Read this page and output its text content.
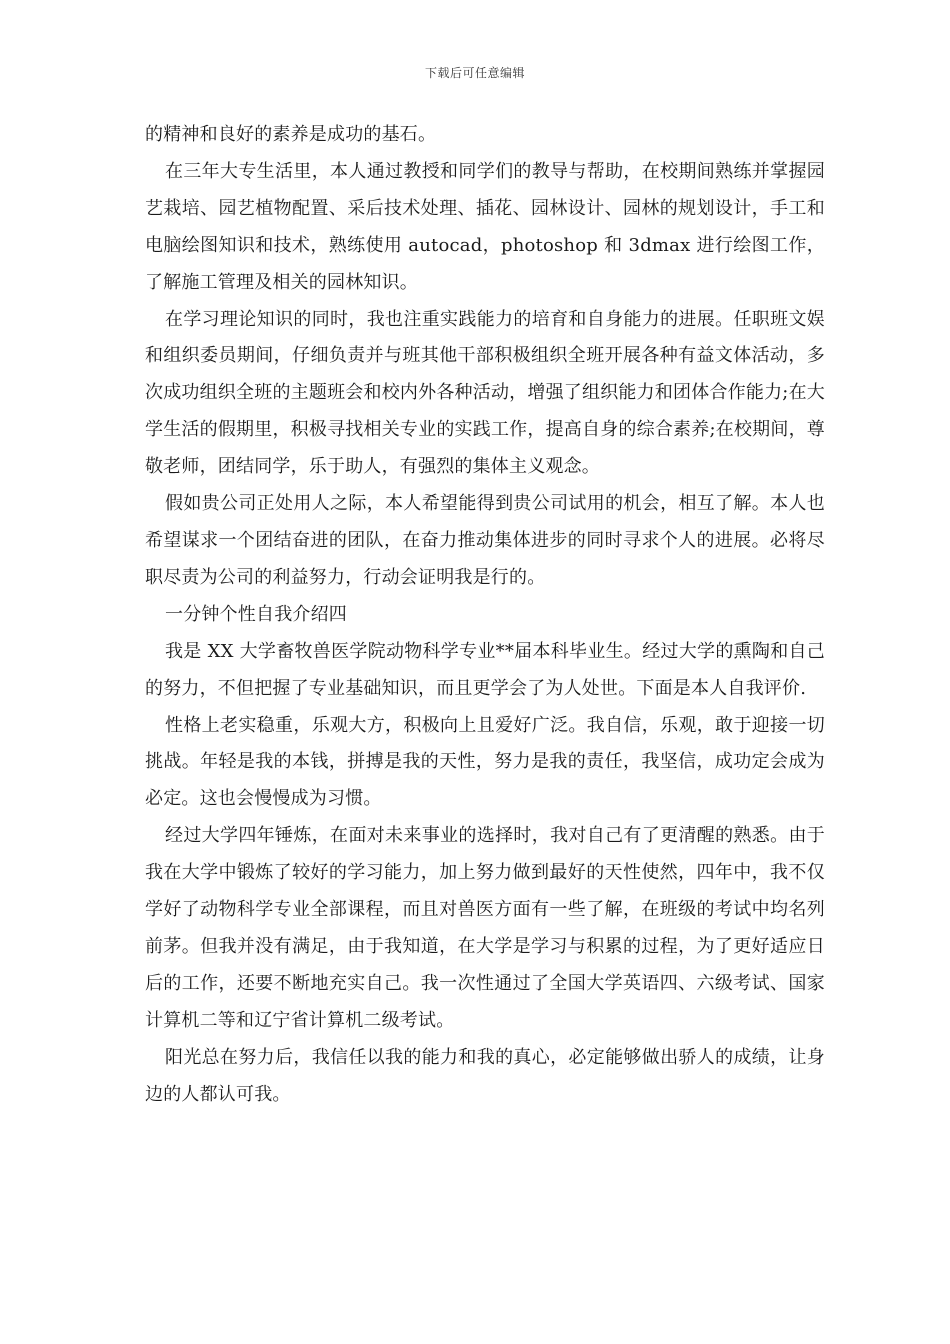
下载后可任意编辑

的精神和良好的素养是成功的基石。

在三年大专生活里，本人通过教授和同学们的教导与帮助，在校期间熟练并掌握园艺栽培、园艺植物配置、采后技术处理、插花、园林设计、园林的规划设计，手工和电脑绘图知识和技术，熟练使用 autocad，photoshop 和 3dmax 进行绘图工作，了解施工管理及相关的园林知识。

在学习理论知识的同时，我也注重实践能力的培育和自身能力的进展。任职班文娱和组织委员期间，仔细负责并与班其他干部积极组织全班开展各种有益文体活动，多次成功组织全班的主题班会和校内外各种活动，增强了组织能力和团体合作能力;在大学生活的假期里，积极寻找相关专业的实践工作，提高自身的综合素养;在校期间，尊敬老师，团结同学，乐于助人，有强烈的集体主义观念。

假如贵公司正处用人之际，本人希望能得到贵公司试用的机会，相互了解。本人也希望谋求一个团结奋进的团队，在奋力推动集体进步的同时寻求个人的进展。必将尽职尽责为公司的利益努力，行动会证明我是行的。

一分钟个性自我介绍四

我是 XX 大学畜牧兽医学院动物科学专业**届本科毕业生。经过大学的熏陶和自己的努力，不但把握了专业基础知识，而且更学会了为人处世。下面是本人自我评价.

性格上老实稳重，乐观大方，积极向上且爱好广泛。我自信，乐观，敢于迎接一切挑战。年轻是我的本钱，拼搏是我的天性，努力是我的责任，我坚信，成功定会成为必定。这也会慢慢成为习惯。

经过大学四年锤炼，在面对未来事业的选择时，我对自己有了更清醒的熟悉。由于我在大学中锻炼了较好的学习能力，加上努力做到最好的天性使然，四年中，我不仅学好了动物科学专业全部课程，而且对兽医方面有一些了解，在班级的考试中均名列前茅。但我并没有满足，由于我知道，在大学是学习与积累的过程，为了更好适应日后的工作，还要不断地充实自己。我一次性通过了全国大学英语四、六级考试、国家计算机二等和辽宁省计算机二级考试。

阳光总在努力后，我信任以我的能力和我的真心，必定能够做出骄人的成绩，让身边的人都认可我。
